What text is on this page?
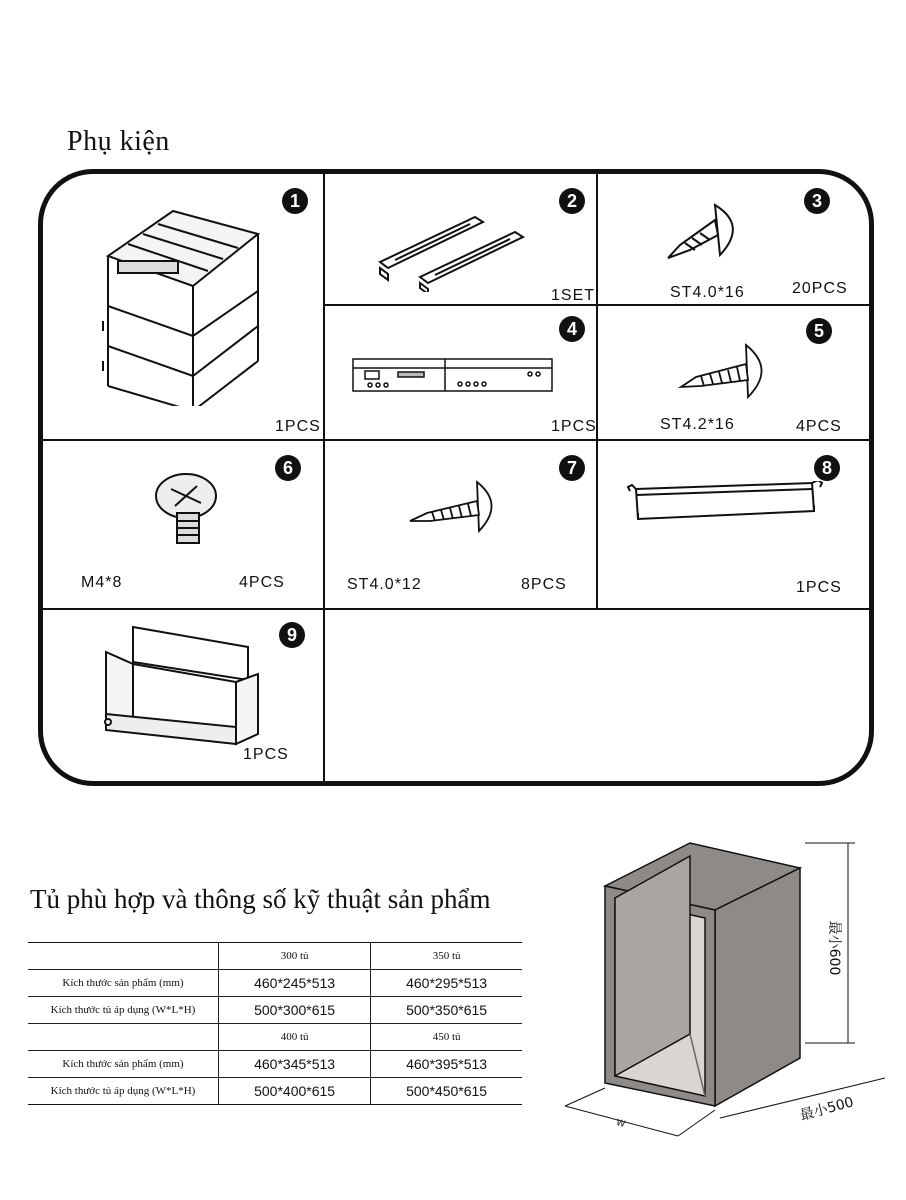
Phụ kiện
1
1PCS
2
1SET
3
ST4.0*16	20PCS
4
1PCS
5
ST4.2*16	4PCS
6
M4*8	4PCS
7
ST4.0*12	8PCS
8
1PCS
9
1PCS
Tủ phù hợp và thông số kỹ thuật sản phẩm
	300 tủ	350 tủ
Kích thước sản phẩm (mm)	460*245*513	460*295*513
Kích thước tủ áp dụng (W*L*H)	500*300*615	500*350*615
	400 tủ	450 tủ
Kích thước sản phẩm (mm)	460*345*513	460*395*513
Kích thước tủ áp dụng (W*L*H)	500*400*615	500*450*615
最小600
最小500
W
